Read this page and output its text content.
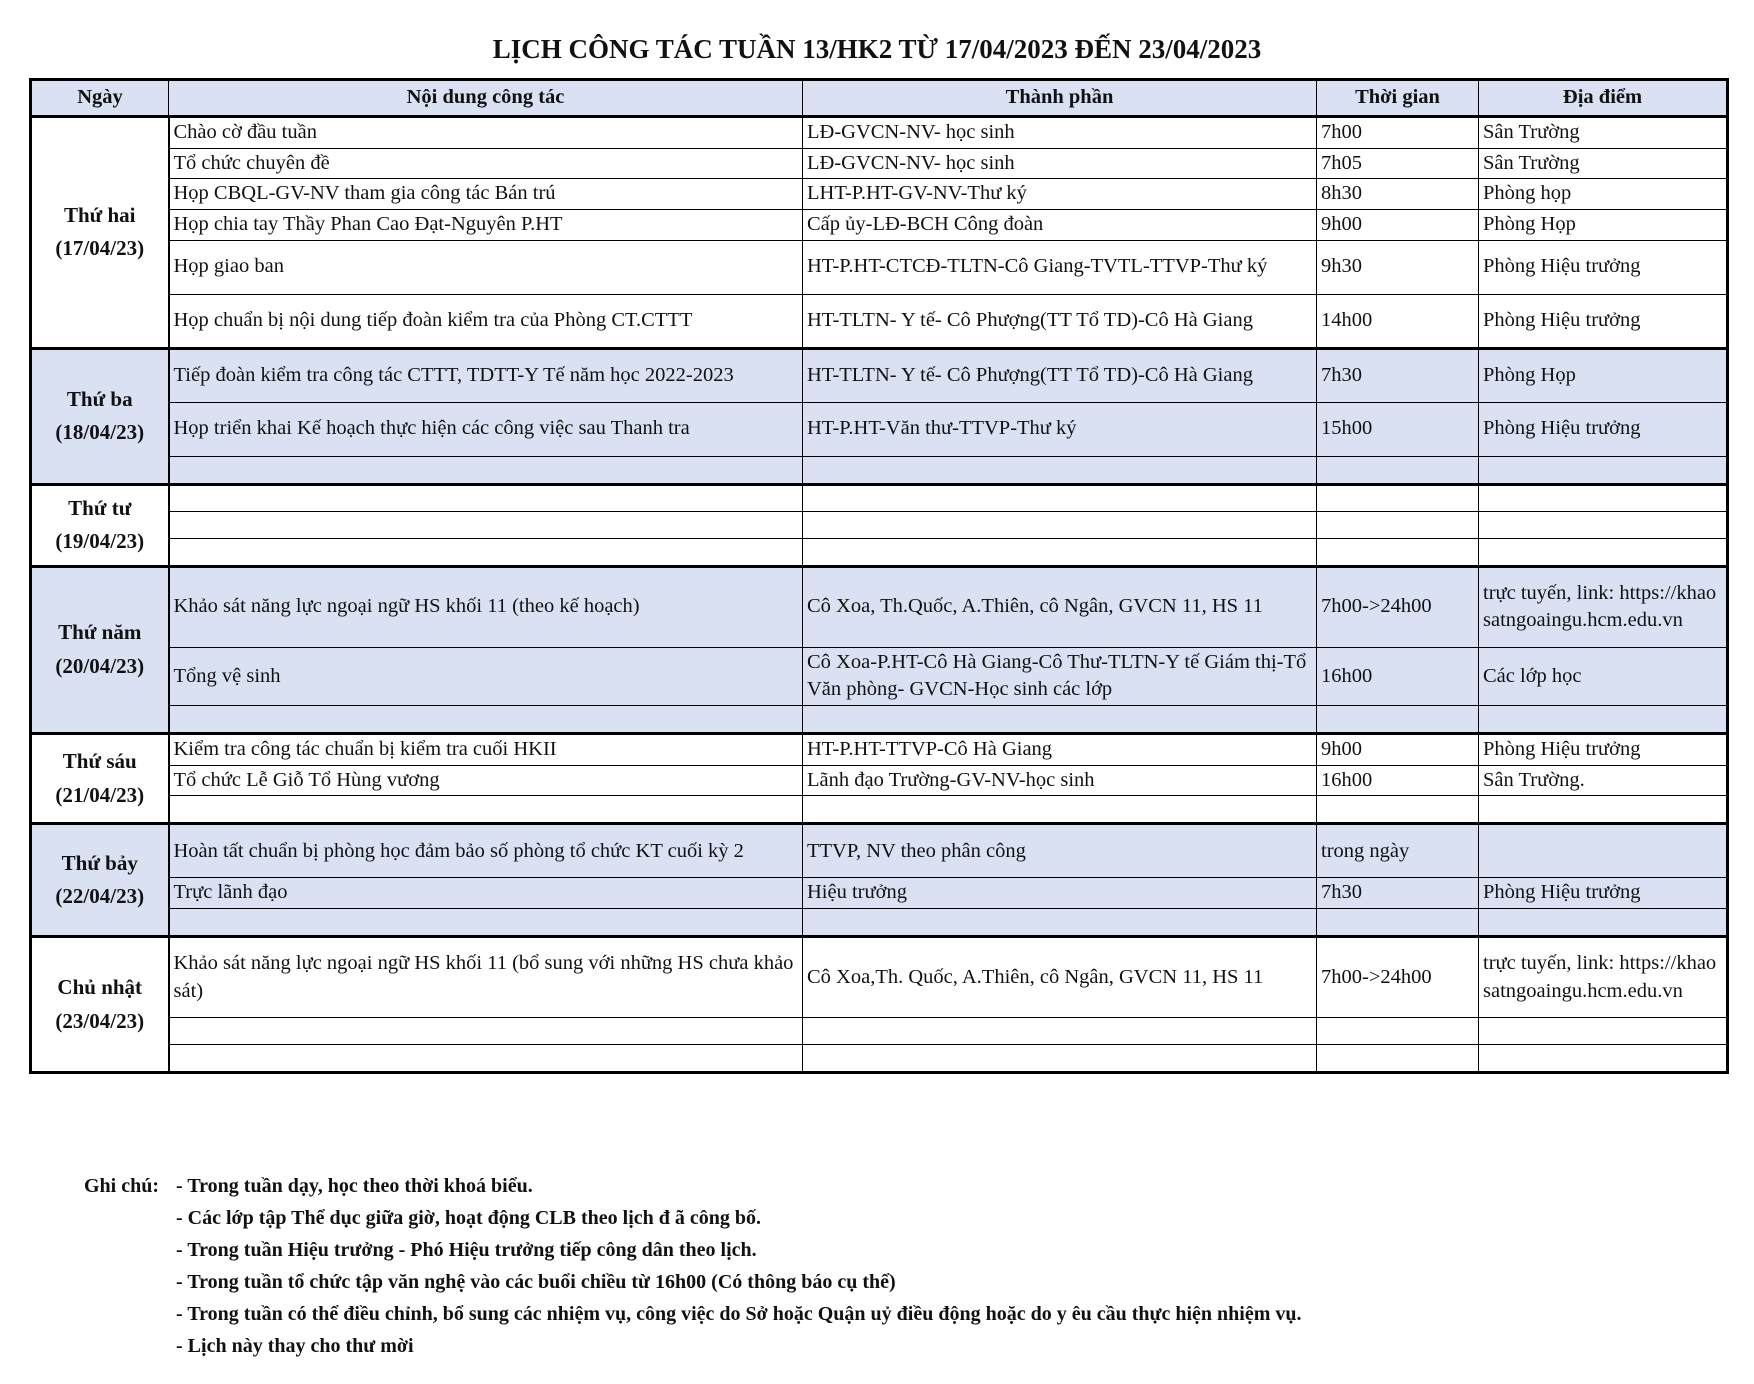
LỊCH CÔNG TÁC TUẦN 13/HK2 TỪ 17/04/2023 ĐẾN 23/04/2023
Ngày	Nội dung công tác	Thành phần	Thời gian	Địa điểm

Thứ hai
(17/04/23)	Chào cờ đầu tuần	LĐ-GVCN-NV- học sinh	7h00	Sân Trường
	Tổ chức chuyên đề	LĐ-GVCN-NV- học sinh	7h05	Sân Trường
	Họp CBQL-GV-NV tham gia công tác Bán trú	LHT-P.HT-GV-NV-Thư ký	8h30	Phòng họp
	Họp chia tay Thầy Phan Cao Đạt-Nguyên P.HT	Cấp ủy-LĐ-BCH Công đoàn	9h00	Phòng Họp
	Họp giao ban	HT-P.HT-CTCĐ-TLTN-Cô Giang-TVTL-TTVP-Thư ký	9h30	Phòng Hiệu trưởng
	Họp chuẩn bị nội dung tiếp đoàn kiểm tra của Phòng CT.CTTT	HT-TLTN- Y tế- Cô Phượng(TT Tổ TD)-Cô Hà Giang	14h00	Phòng Hiệu trưởng

Thứ ba
(18/04/23)	Tiếp đoàn kiểm tra công tác CTTT, TDTT-Y Tế năm học 2022-2023	HT-TLTN- Y tế- Cô Phượng(TT Tổ TD)-Cô Hà Giang	7h30	Phòng Họp
	Họp triển khai Kế hoạch thực hiện các công việc sau Thanh tra	HT-P.HT-Văn thư-TTVP-Thư ký	15h00	Phòng Hiệu trưởng

Thứ tư
(19/04/23)				

Thứ năm
(20/04/23)	Khảo sát năng lực ngoại ngữ HS khối 11 (theo kế hoạch)	Cô Xoa, Th.Quốc, A.Thiên, cô Ngân, GVCN 11, HS 11	7h00->24h00	trực tuyến, link: https://khaosatngoaingu.hcm.edu.vn
	Tổng vệ sinh	Cô Xoa-P.HT-Cô Hà Giang-Cô Thư-TLTN-Y tế Giám thị-Tổ Văn phòng- GVCN-Học sinh các lớp	16h00	Các lớp học

Thứ sáu
(21/04/23)	Kiểm tra công tác chuẩn bị kiểm tra cuối HKII	HT-P.HT-TTVP-Cô Hà Giang	9h00	Phòng Hiệu trưởng
	Tổ chức Lễ Giỗ Tổ Hùng vương	Lãnh đạo Trường-GV-NV-học sinh	16h00	Sân Trường.

Thứ bảy
(22/04/23)	Hoàn tất chuẩn bị phòng học đảm bảo số phòng tổ chức KT cuối kỳ 2	TTVP, NV theo phân công	trong ngày	
	Trực lãnh đạo	Hiệu trưởng	7h30	Phòng Hiệu trưởng

Chủ nhật
(23/04/23)	Khảo sát năng lực ngoại ngữ HS khối 11 (bổ sung với những HS chưa khảo sát)	Cô Xoa,Th. Quốc, A.Thiên, cô Ngân, GVCN 11, HS 11	7h00->24h00	trực tuyến, link: https://khaosatngoaingu.hcm.edu.vn

Ghi chú:	- Trong tuần dạy, học theo thời khoá biểu.
- Các lớp tập Thể dục giữa giờ, hoạt động CLB theo lịch đ ã công bố.
- Trong tuần Hiệu trưởng - Phó Hiệu trưởng tiếp công dân theo lịch.
- Trong tuần tổ chức tập văn nghệ vào các buổi chiều từ 16h00 (Có thông báo cụ thể)
- Trong tuần có thể điều chỉnh, bổ sung các nhiệm vụ, công việc do Sở hoặc Quận uỷ điều động hoặc do y êu cầu thực hiện nhiệm vụ.
- Lịch này thay cho thư mời
